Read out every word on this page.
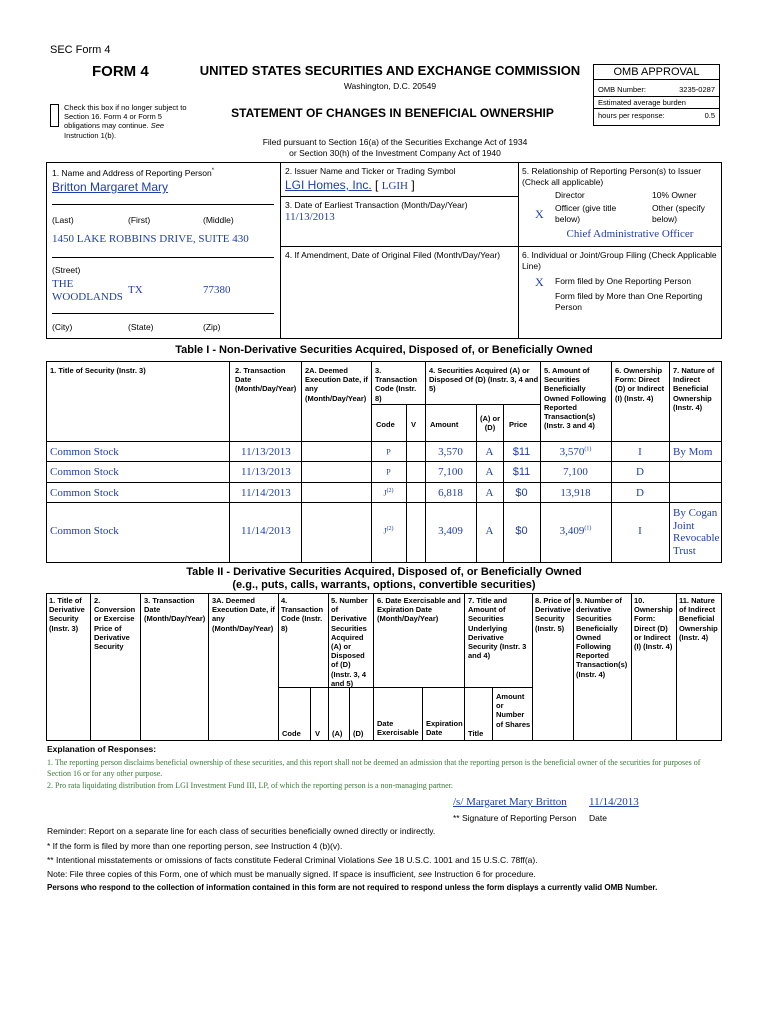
SEC Form 4
FORM 4	UNITED STATES SECURITIES AND EXCHANGE COMMISSION
Washington, D.C. 20549
Check this box if no longer subject to Section 16. Form 4 or Form 5 obligations may continue. See Instruction 1(b).
STATEMENT OF CHANGES IN BENEFICIAL OWNERSHIP
Filed pursuant to Section 16(a) of the Securities Exchange Act of 1934
or Section 30(h) of the Investment Company Act of 1940
OMB APPROVAL
OMB Number:	3235-0287
Estimated average burden
hours per response:	0.5
1. Name and Address of Reporting Person*
Britton Margaret Mary
(Last)	(First)	(Middle)
1450 LAKE ROBBINS DRIVE, SUITE 430
(Street)
THE
WOODLANDS
TX	77380
(City)	(State)	(Zip)
2. Issuer Name and Ticker or Trading Symbol
LGI Homes, Inc. [ LGIH ]
3. Date of Earliest Transaction (Month/Day/Year)
11/13/2013
4. If Amendment, Date of Original Filed (Month/Day/Year)
5. Relationship of Reporting Person(s) to Issuer (Check all applicable)
Director	10% Owner
X Officer (give title below)
Other (specify below)
Chief Administrative Officer
6. Individual or Joint/Group Filing (Check Applicable Line)
X Form filed by One Reporting Person
Form filed by More than One Reporting Person
Table I - Non-Derivative Securities Acquired, Disposed of, or Beneficially Owned
1. Title of Security (Instr. 3)	2. Transaction Date (Month/Day/Year)
2A. Deemed Execution Date, if any (Month/Day/Year)
3. Transaction Code (Instr. 8)
4. Securities Acquired (A) or Disposed Of (D) (Instr. 3, 4 and 5)
5. Amount of Securities Beneficially Owned Following Reported Transaction(s) (Instr. 3 and 4)
6. Ownership Form: Direct (D) or Indirect (I) (Instr. 4)
7. Nature of Indirect Beneficial Ownership (Instr. 4)
Code V Amount
(A) or (D)	Price
Common Stock	11/13/2013	P	3,570	A	$11	3,570$^{(1)}$	I	By Mom
Common Stock	11/13/2013	P	7,100	A	$11	7,100	D
Common Stock	11/14/2013	$J^{(2)}$	6,818	A	$0	13,918	D
Common Stock	11/14/2013	$J^{(2)}$	3,409	A	$0	3,409$^{(1)}$	I
By Cogan Joint Revocable Trust
Table II - Derivative Securities Acquired, Disposed of, or Beneficially Owned
(e.g., puts, calls, warrants, options, convertible securities)
1. Title of Derivative Security (Instr. 3)
2. Conversion or Exercise Price of Derivative Security
3. Transaction Date (Month/Day/Year)
3A. Deemed Execution Date, if any (Month/Day/Year)
4. Transaction Code (Instr. 8)
5. Number of Derivative Securities Acquired (A) or Disposed of (D) (Instr. 3, 4 and 5)
6. Date Exercisable and Expiration Date (Month/Day/Year)
7. Title and Amount of Securities Underlying Derivative Security (Instr. 3 and 4)
8. Price of Derivative Security (Instr. 5)
9. Number of derivative Securities Beneficially Owned Following Reported Transaction(s) (Instr. 4)
10. Ownership Form: Direct (D) or Indirect (I) (Instr. 4)
11. Nature of Indirect Beneficial Ownership (Instr. 4)
Code V (A) (D)
Date Exercisable
Expiration Date	Title
Amount or Number of Shares
Explanation of Responses:
1. The reporting person disclaims beneficial ownership of these securities, and this report shall not be deemed an admission that the reporting person is the beneficial owner of the securities for purposes of Section 16 or for any other purpose.
2. Pro rata liquidating distribution from LGI Investment Fund III, LP, of which the reporting person is a non-managing partner.
/s/ Margaret Mary Britton 11/14/2013
** Signature of Reporting Person Date
Reminder: Report on a separate line for each class of securities beneficially owned directly or indirectly.
* If the form is filed by more than one reporting person, see Instruction 4 (b)(v).
** Intentional misstatements or omissions of facts constitute Federal Criminal Violations See 18 U.S.C. 1001 and 15 U.S.C. 78ff(a).
Note: File three copies of this Form, one of which must be manually signed. If space is insufficient, see Instruction 6 for procedure.
Persons who respond to the collection of information contained in this form are not required to respond unless the form displays a currently valid OMB Number.
